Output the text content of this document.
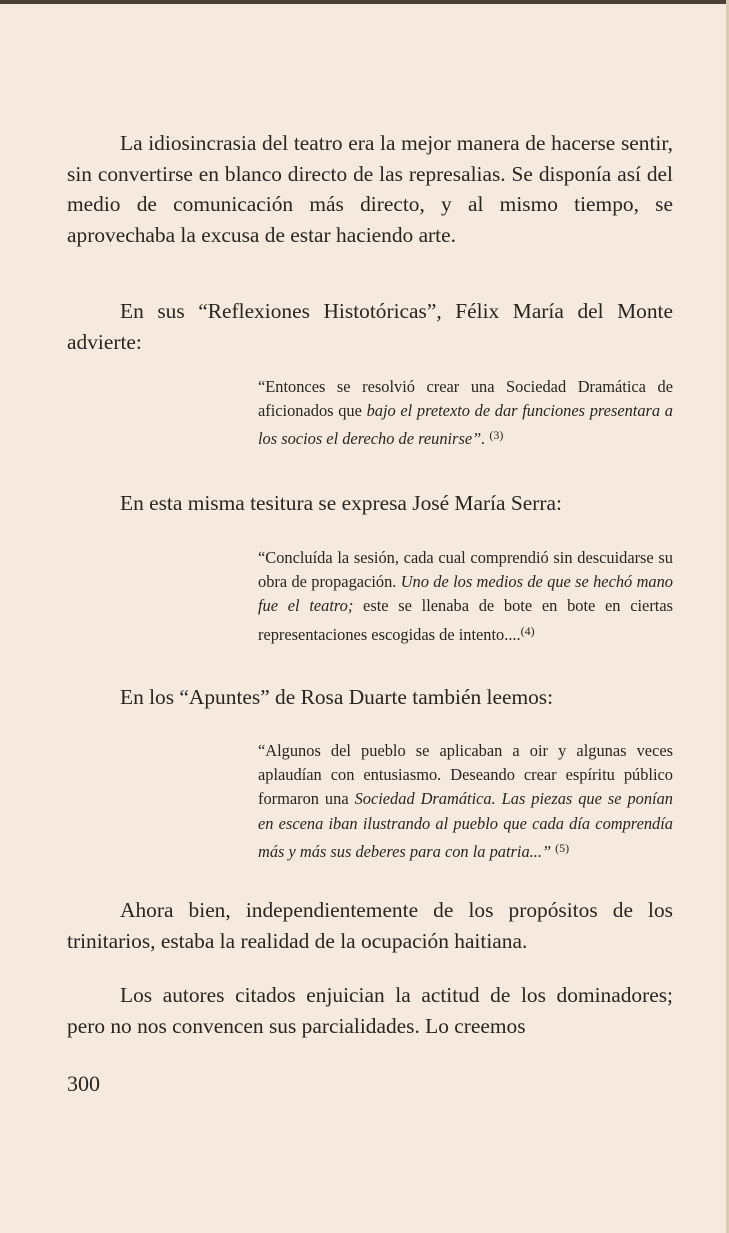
La idiosincrasia del teatro era la mejor manera de hacerse sentir, sin convertirse en blanco directo de las represalias. Se disponía así del medio de comunicación más directo, y al mismo tiempo, se aprovechaba la excusa de estar haciendo arte.

En sus “Reflexiones Histotóricas”, Félix María del Monte advierte:

“Entonces se resolvió crear una Sociedad Dramática de aficionados que bajo el pretexto de dar funciones presentara a los socios el derecho de reunirse”. $^{(3)}$

En esta misma tesitura se expresa José María Serra:

“Concluída la sesión, cada cual comprendió sin descuidarse su obra de propagación. Uno de los medios de que se hechó mano fue el teatro; este se llenaba de bote en bote en ciertas representaciones escogidas de intento....$^{(4)}$

En los “Apuntes” de Rosa Duarte también leemos:

“Algunos del pueblo se aplicaban a oir y algunas veces aplaudían con entusiasmo. Deseando crear espíritu público formaron una Sociedad Dramática. Las piezas que se ponían en escena iban ilustrando al pueblo que cada día comprendía más y más sus deberes para con la patria...” $^{(5)}$

Ahora bien, independientemente de los propósitos de los trinitarios, estaba la realidad de la ocupación haitiana.

Los autores citados enjuician la actitud de los dominadores; pero no nos convencen sus parcialidades. Lo creemos

300
